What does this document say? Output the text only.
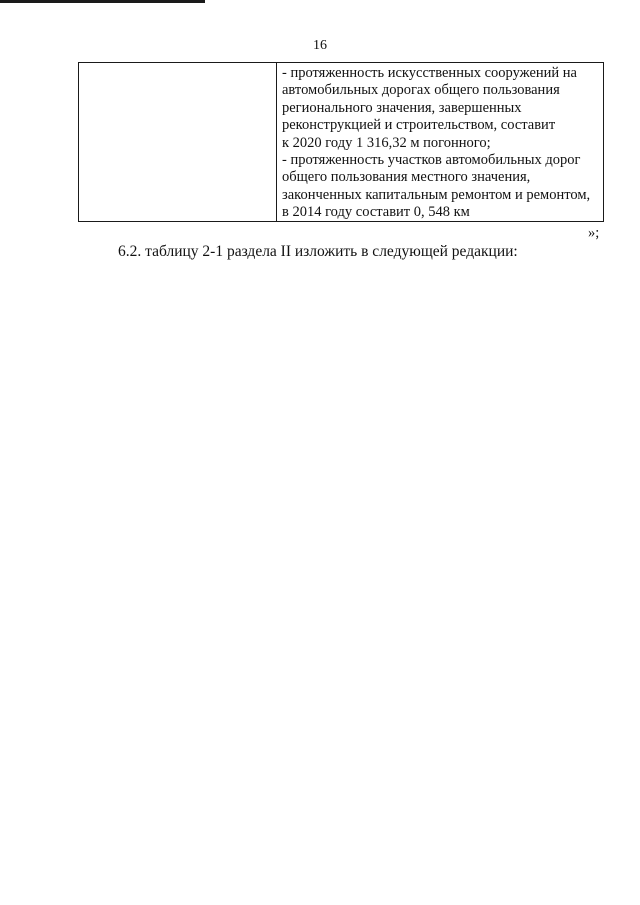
16
- протяженность искусственных сооружений на
автомобильных дорогах общего пользования
регионального значения, завершенных
реконструкцией и строительством, составит
к 2020 году 1 316,32 м погонного;
- протяженность участков автомобильных дорог
общего пользования местного значения,
законченных капитальным ремонтом и ремонтом,
в 2014 году составит 0, 548 км
»;
6.2. таблицу 2-1 раздела II изложить в следующей редакции:
